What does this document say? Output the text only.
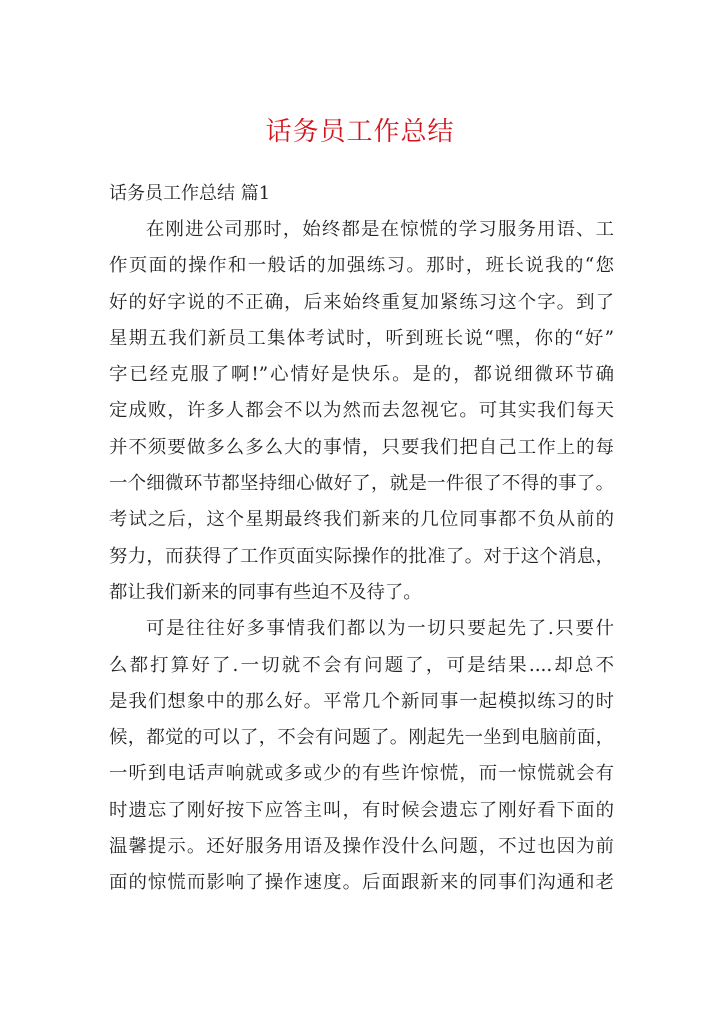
话务员工作总结
话务员工作总结 篇1
在刚进公司那时，始终都是在惊慌的学习服务用语、工
作页面的操作和一般话的加强练习。那时，班长说我的“您
好的好字说的不正确，后来始终重复加紧练习这个字。到了
星期五我们新员工集体考试时，听到班长说“嘿，你的“好”
字已经克服了啊!”心情好是快乐。是的，都说细微环节确
定成败，许多人都会不以为然而去忽视它。可其实我们每天
并不须要做多么多么大的事情，只要我们把自己工作上的每
一个细微环节都坚持细心做好了，就是一件很了不得的事了。
考试之后，这个星期最终我们新来的几位同事都不负从前的
努力，而获得了工作页面实际操作的批准了。对于这个消息，
都让我们新来的同事有些迫不及待了。
可是往往好多事情我们都以为一切只要起先了.只要什
么都打算好了.一切就不会有问题了，可是结果....却总不
是我们想象中的那么好。平常几个新同事一起模拟练习的时
候，都觉的可以了，不会有问题了。刚起先一坐到电脑前面，
一听到电话声响就或多或少的有些许惊慌，而一惊慌就会有
时遗忘了刚好按下应答主叫，有时候会遗忘了刚好看下面的
温馨提示。还好服务用语及操作没什么问题，不过也因为前
面的惊慌而影响了操作速度。后面跟新来的同事们沟通和老
